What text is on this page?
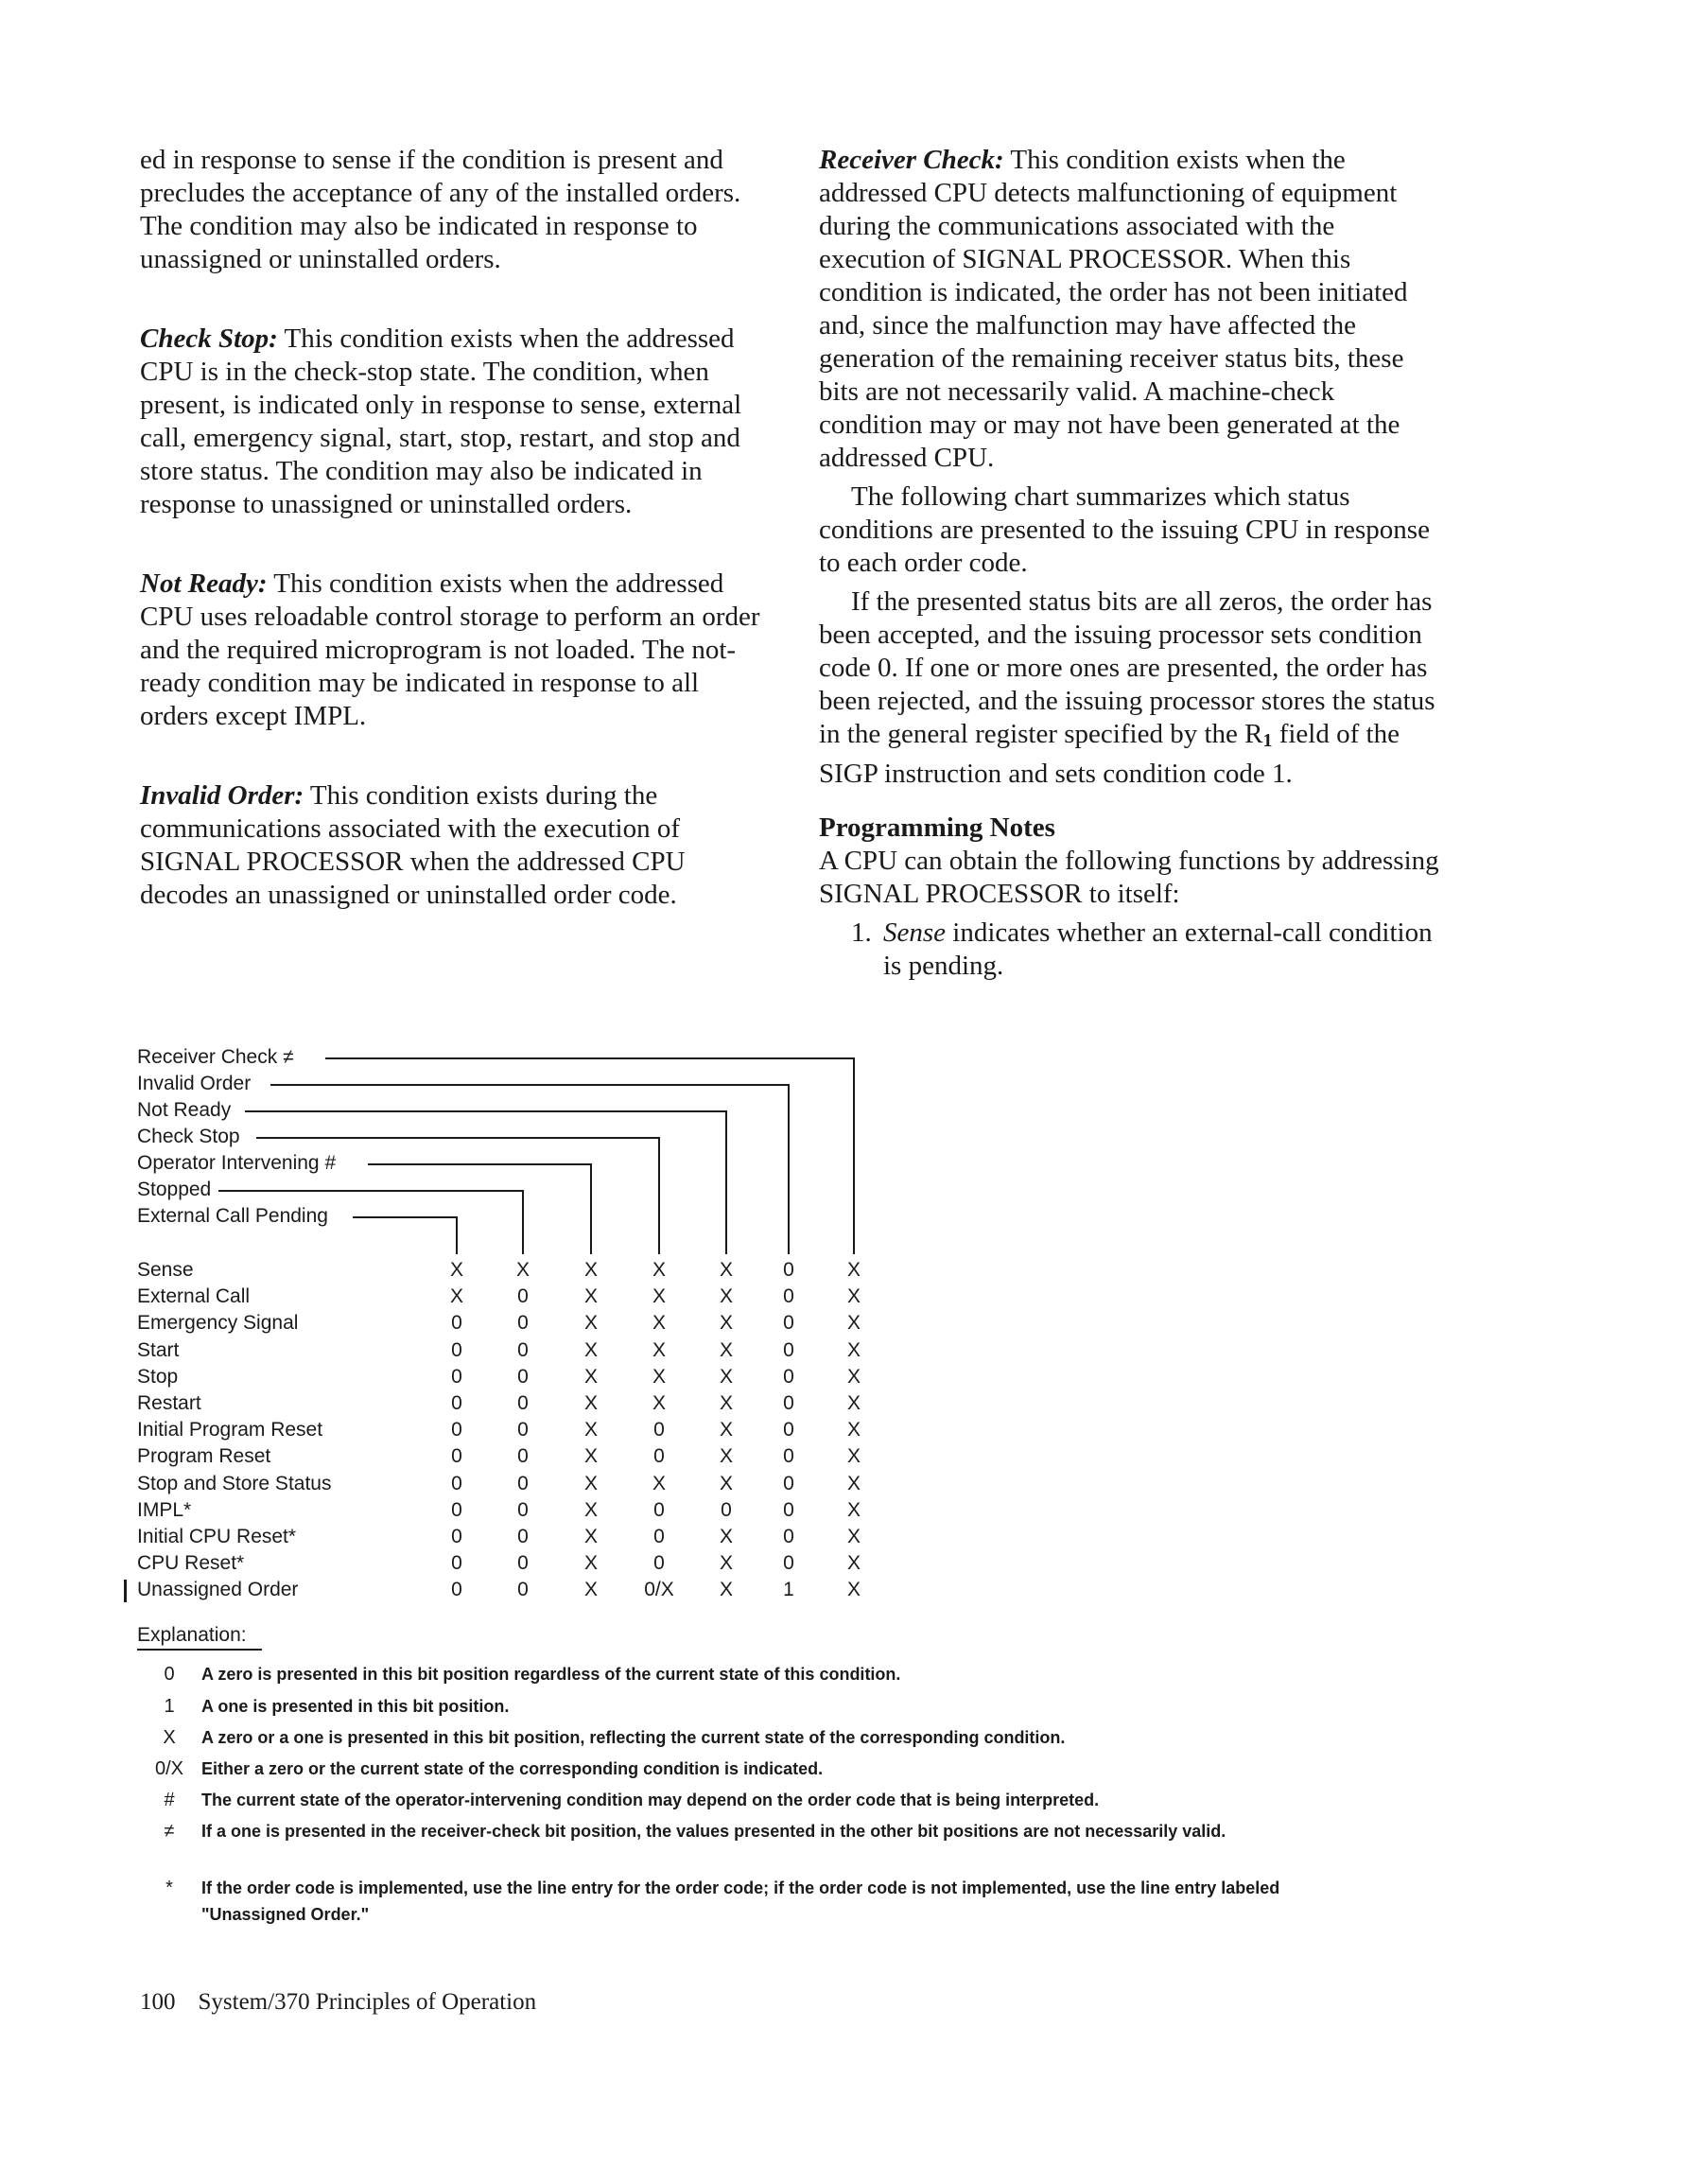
ed in response to sense if the condition is present and precludes the acceptance of any of the installed orders. The condition may also be indicated in response to unassigned or uninstalled orders.

Check Stop: This condition exists when the addressed CPU is in the check-stop state. The condition, when present, is indicated only in response to sense, external call, emergency signal, start, stop, restart, and stop and store status. The condition may also be indicated in response to unassigned or uninstalled orders.

Not Ready: This condition exists when the addressed CPU uses reloadable control storage to perform an order and the required microprogram is not loaded. The not-ready condition may be indicated in response to all orders except IMPL.

Invalid Order: This condition exists during the communications associated with the execution of SIGNAL PROCESSOR when the addressed CPU decodes an unassigned or uninstalled order code.

Receiver Check: This condition exists when the addressed CPU detects malfunctioning of equipment during the communications associated with the execution of SIGNAL PROCESSOR. When this condition is indicated, the order has not been initiated and, since the malfunction may have affected the generation of the remaining receiver status bits, these bits are not necessarily valid. A machine-check condition may or may not have been generated at the addressed CPU.

The following chart summarizes which status conditions are presented to the issuing CPU in response to each order code.

If the presented status bits are all zeros, the order has been accepted, and the issuing processor sets condition code 0. If one or more ones are presented, the order has been rejected, and the issuing processor stores the status in the general register specified by the $R_1$ field of the SIGP instruction and sets condition code 1.

Programming Notes

A CPU can obtain the following functions by addressing SIGNAL PROCESSOR to itself:

1. Sense indicates whether an external-call condition is pending.

Receiver Check ≠
Invalid Order
Not Ready
Check Stop
Operator Intervening #
Stopped
External Call Pending
Sense	X	X	X	X	X	0	X
External Call	X	0	X	X	X	0	X
Emergency Signal	0	0	X	X	X	0	X
Start	0	0	X	X	X	0	X
Stop	0	0	X	X	X	0	X
Restart	0	0	X	X	X	0	X
Initial Program Reset	0	0	X	0	X	0	X
Program Reset	0	0	X	0	X	0	X
Stop and Store Status	0	0	X	X	X	0	X
IMPL*	0	0	X	0	0	0	X
Initial CPU Reset*	0	0	X	0	X	0	X
CPU Reset*	0	0	X	0	X	0	X
Unassigned Order	0	0	X	0/X	X	1	X
Explanation:
0	A zero is presented in this bit position regardless of the current state of this condition.
1	A one is presented in this bit position.
X	A zero or a one is presented in this bit position, reflecting the current state of the corresponding condition.
0/X	Either a zero or the current state of the corresponding condition is indicated.
#	The current state of the operator-intervening condition may depend on the order code that is being interpreted.
≠	If a one is presented in the receiver-check bit position, the values presented in the other bit positions are not necessarily valid.
*	If the order code is implemented, use the line entry for the order code; if the order code is not implemented, use the line entry labeled "Unassigned Order."
100 System/370 Principles of Operation
